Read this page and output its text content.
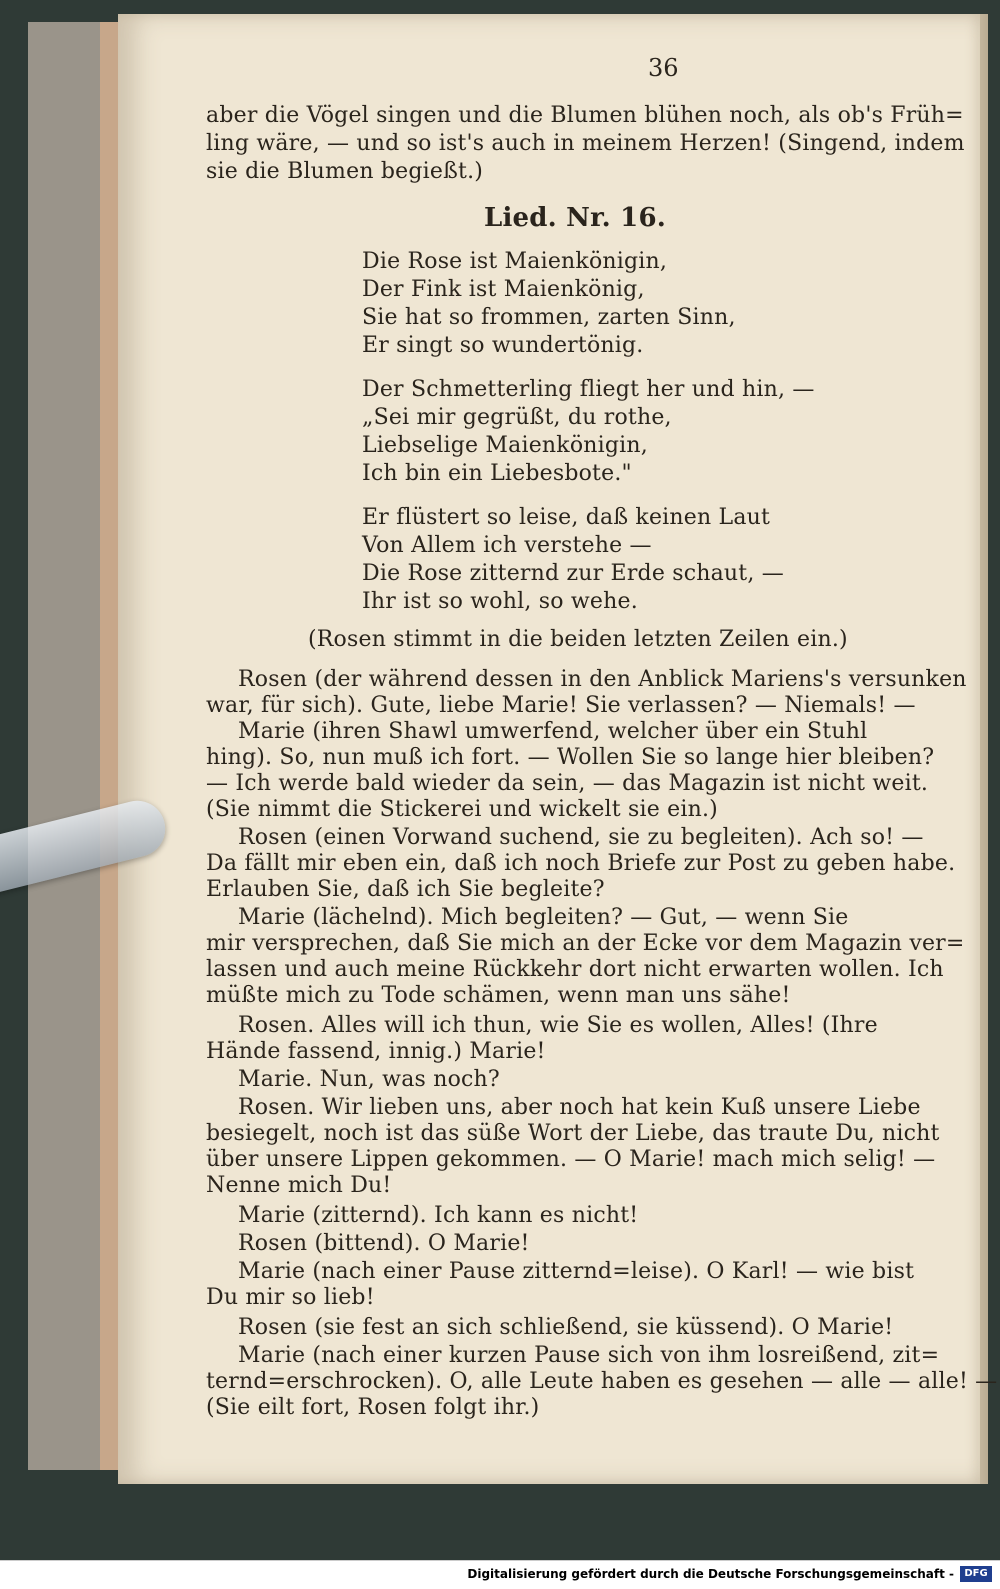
36
aber die Vögel singen und die Blumen blühen noch, als ob's Früh=
ling wäre, — und so ist's auch in meinem Herzen! (Singend, indem
sie die Blumen begießt.)
Lied. Nr. 16.
Die Rose ist Maienkönigin,
Der Fink ist Maienkönig,
Sie hat so frommen, zarten Sinn,
Er singt so wundertönig.
Der Schmetterling fliegt her und hin, —
„Sei mir gegrüßt, du rothe,
Liebselige Maienkönigin,
Ich bin ein Liebesbote."
Er flüstert so leise, daß keinen Laut
Von Allem ich verstehe —
Die Rose zitternd zur Erde schaut, —
Ihr ist so wohl, so wehe.
(Rosen stimmt in die beiden letzten Zeilen ein.)
Rosen (der während dessen in den Anblick Mariens's versunken
war, für sich). Gute, liebe Marie! Sie verlassen? — Niemals! —
Marie (ihren Shawl umwerfend, welcher über ein Stuhl
hing). So, nun muß ich fort. — Wollen Sie so lange hier bleiben?
— Ich werde bald wieder da sein, — das Magazin ist nicht weit.
(Sie nimmt die Stickerei und wickelt sie ein.)
Rosen (einen Vorwand suchend, sie zu begleiten). Ach so! —
Da fällt mir eben ein, daß ich noch Briefe zur Post zu geben habe.
Erlauben Sie, daß ich Sie begleite?
Marie (lächelnd). Mich begleiten? — Gut, — wenn Sie
mir versprechen, daß Sie mich an der Ecke vor dem Magazin ver=
lassen und auch meine Rückkehr dort nicht erwarten wollen. Ich
müßte mich zu Tode schämen, wenn man uns sähe!
Rosen. Alles will ich thun, wie Sie es wollen, Alles! (Ihre
Hände fassend, innig.) Marie!
Marie. Nun, was noch?
Rosen. Wir lieben uns, aber noch hat kein Kuß unsere Liebe
besiegelt, noch ist das süße Wort der Liebe, das traute Du, nicht
über unsere Lippen gekommen. — O Marie! mach mich selig! —
Nenne mich Du!
Marie (zitternd). Ich kann es nicht!
Rosen (bittend). O Marie!
Marie (nach einer Pause zitternd=leise). O Karl! — wie bist
Du mir so lieb!
Rosen (sie fest an sich schließend, sie küssend). O Marie!
Marie (nach einer kurzen Pause sich von ihm losreißend, zit=
ternd=erschrocken). O, alle Leute haben es gesehen — alle — alle! —
(Sie eilt fort, Rosen folgt ihr.)
Digitalisierung gefördert durch die Deutsche Forschungsgemeinschaft -	DFG
